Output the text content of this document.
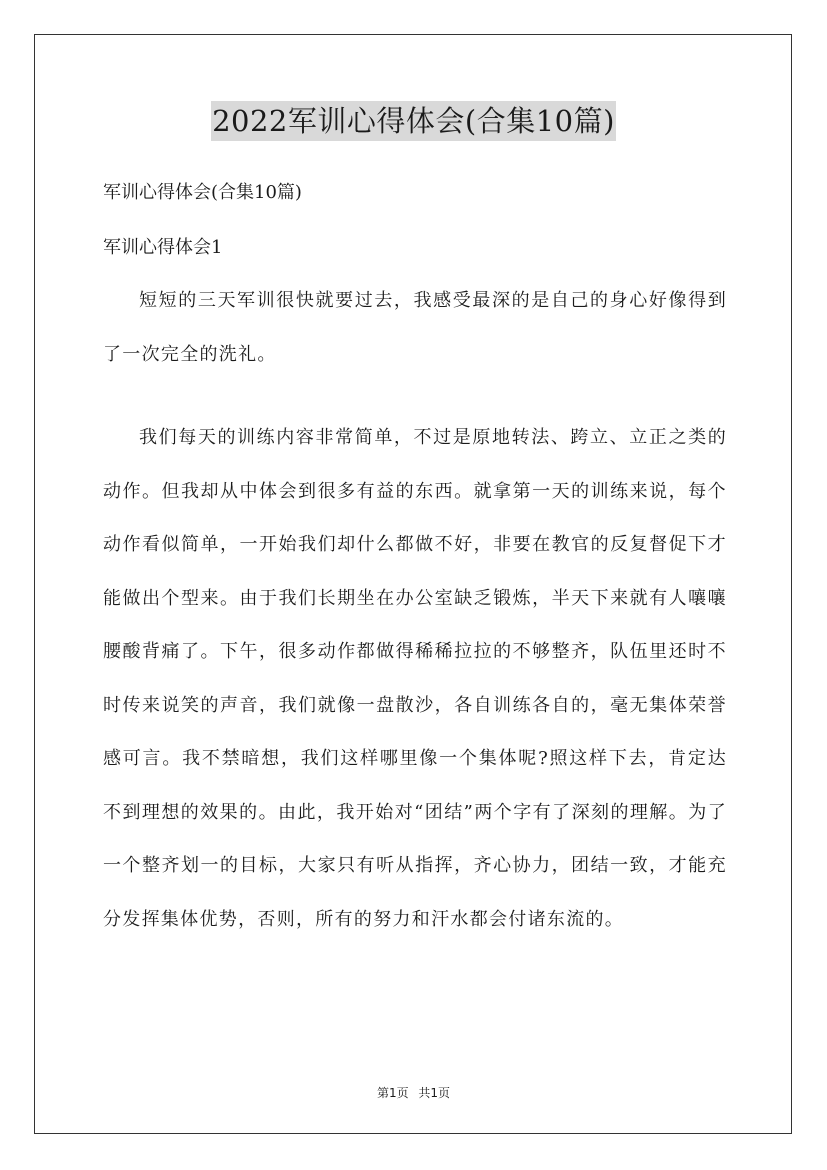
2022军训心得体会(合集10篇)
军训心得体会(合集10篇)
军训心得体会1
短短的三天军训很快就要过去，我感受最深的是自己的身心好像得到了一次完全的洗礼。
我们每天的训练内容非常简单，不过是原地转法、跨立、立正之类的动作。但我却从中体会到很多有益的东西。就拿第一天的训练来说，每个动作看似简单，一开始我们却什么都做不好，非要在教官的反复督促下才能做出个型来。由于我们长期坐在办公室缺乏锻炼，半天下来就有人嚷嚷腰酸背痛了。下午，很多动作都做得稀稀拉拉的不够整齐，队伍里还时不时传来说笑的声音，我们就像一盘散沙，各自训练各自的，毫无集体荣誉感可言。我不禁暗想，我们这样哪里像一个集体呢?照这样下去，肯定达不到理想的效果的。由此，我开始对“团结”两个字有了深刻的理解。为了一个整齐划一的目标，大家只有听从指挥，齐心协力，团结一致，才能充分发挥集体优势，否则，所有的努力和汗水都会付诸东流的。
第1页 共1页
